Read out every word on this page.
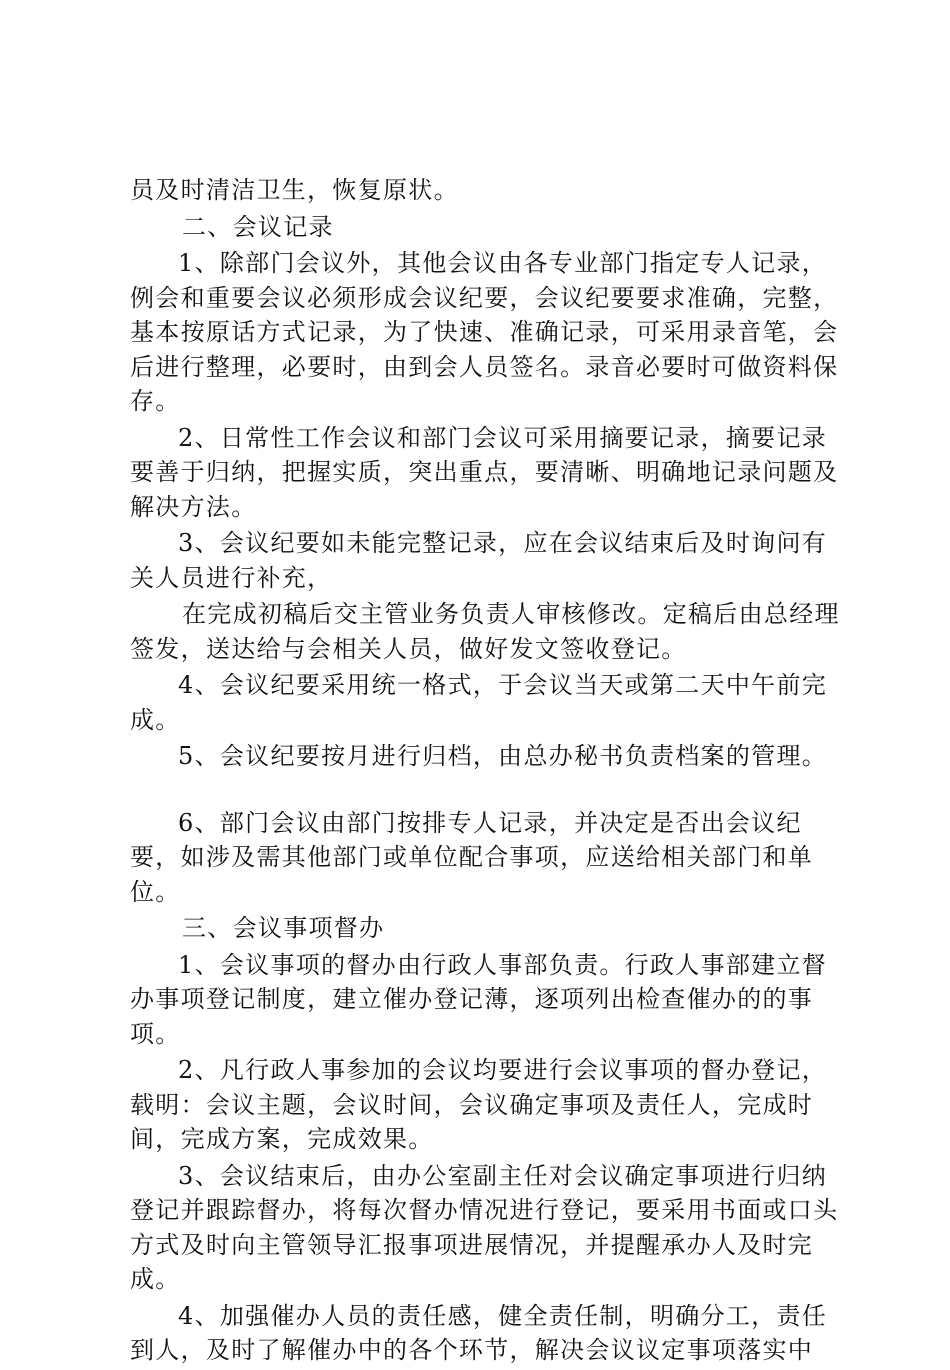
员及时清洁卫生，恢复原状。

二、会议记录

1、除部门会议外，其他会议由各专业部门指定专人记录，例会和重要会议必须形成会议纪要，会议纪要要求准确，完整，基本按原话方式记录，为了快速、准确记录，可采用录音笔，会后进行整理，必要时，由到会人员签名。录音必要时可做资料保存。

2、日常性工作会议和部门会议可采用摘要记录，摘要记录要善于归纳，把握实质，突出重点，要清晰、明确地记录问题及解决方法。

3、会议纪要如未能完整记录，应在会议结束后及时询问有关人员进行补充，

在完成初稿后交主管业务负责人审核修改。定稿后由总经理签发，送达给与会相关人员，做好发文签收登记。

4、会议纪要采用统一格式，于会议当天或第二天中午前完成。

5、会议纪要按月进行归档，由总办秘书负责档案的管理。

6、部门会议由部门按排专人记录，并决定是否出会议纪要，如涉及需其他部门或单位配合事项，应送给相关部门和单位。

三、会议事项督办

1、会议事项的督办由行政人事部负责。行政人事部建立督办事项登记制度，建立催办登记薄，逐项列出检查催办的的事项。

2、凡行政人事参加的会议均要进行会议事项的督办登记，载明：会议主题，会议时间，会议确定事项及责任人，完成时间，完成方案，完成效果。

3、会议结束后，由办公室副主任对会议确定事项进行归纳登记并跟踪督办，将每次督办情况进行登记，要采用书面或口头方式及时向主管领导汇报事项进展情况，并提醒承办人及时完成。

4、加强催办人员的责任感，健全责任制，明确分工，责任到人，及时了解催办中的各个环节，解决会议议定事项落实中
